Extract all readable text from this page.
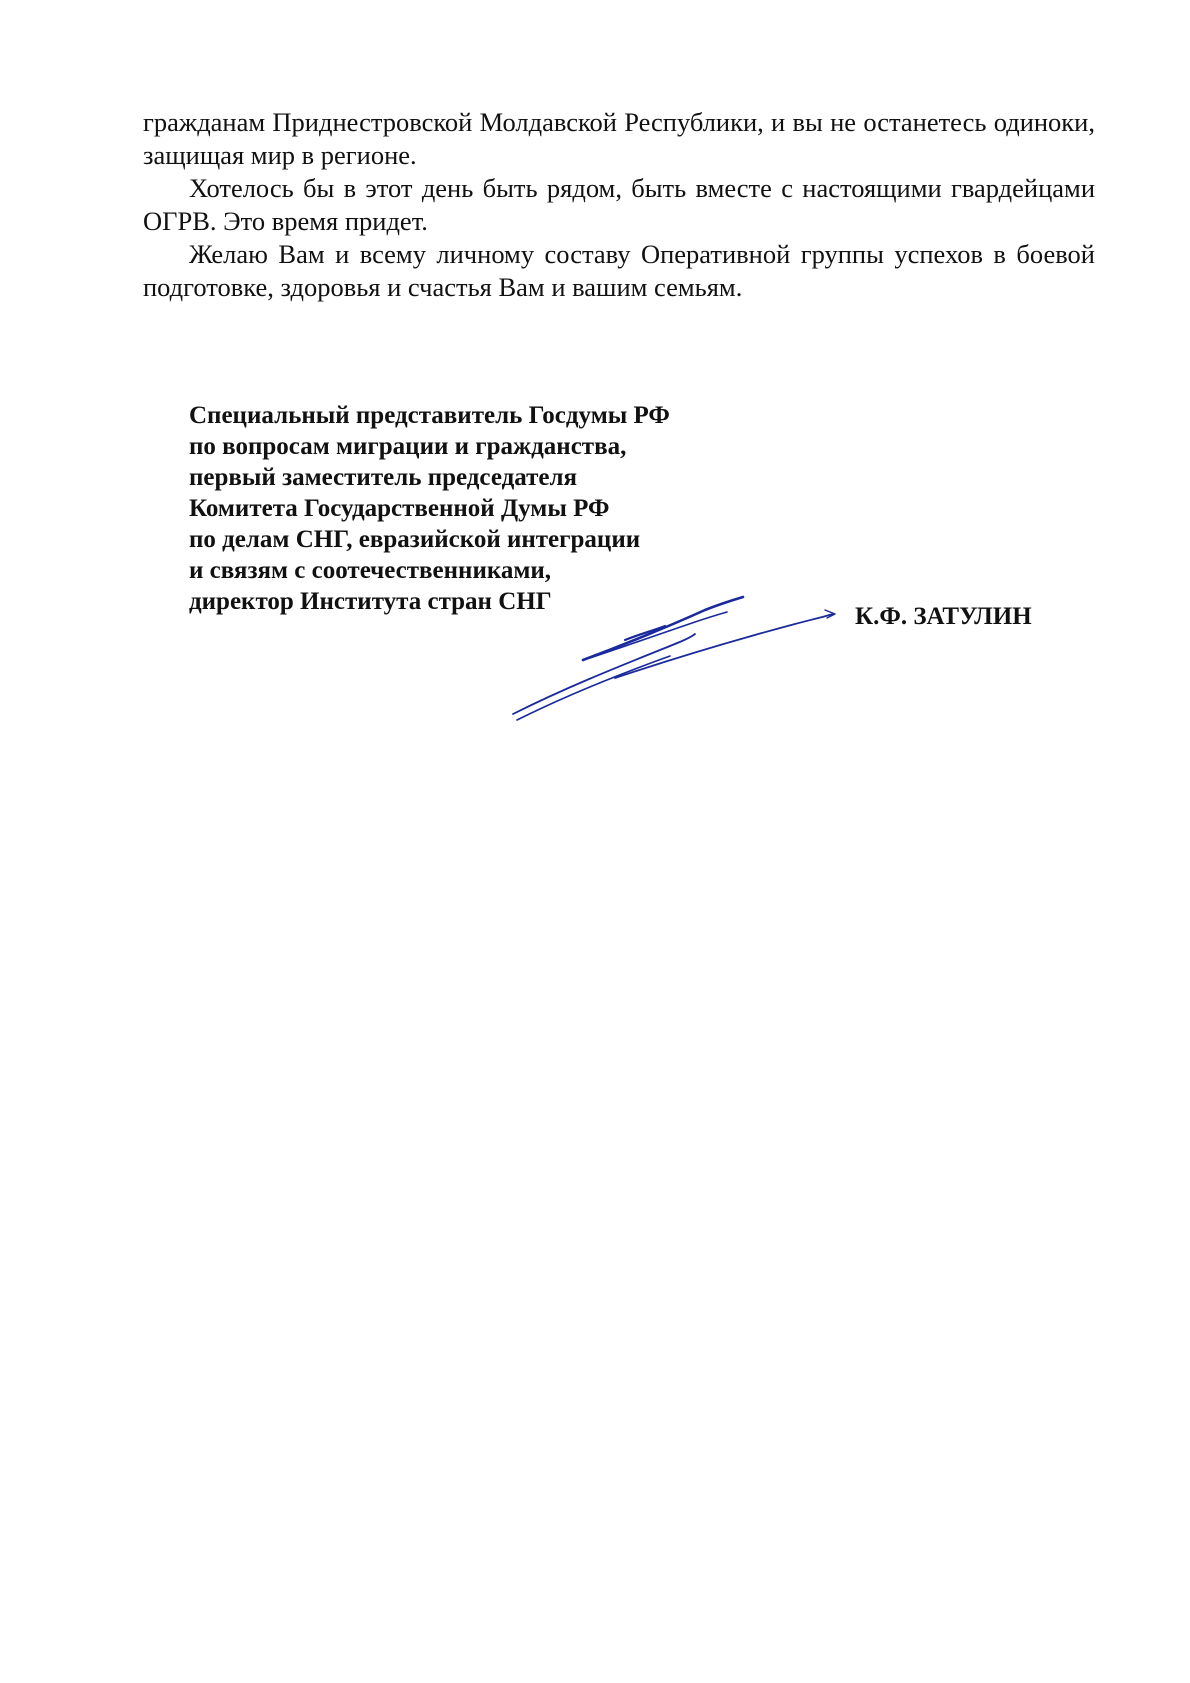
гражданам Приднестровской Молдавской Республики, и вы не останетесь одиноки, защищая мир в регионе.

Хотелось бы в этот день быть рядом, быть вместе с настоящими гвардейцами ОГРВ. Это время придет.

Желаю Вам и всему личному составу Оперативной группы успехов в боевой подготовке, здоровья и счастья Вам и вашим семьям.

Специальный представитель Госдумы РФ
по вопросам миграции и гражданства,
первый заместитель председателя
Комитета Государственной Думы РФ
по делам СНГ, евразийской интеграции
и связям с соотечественниками,
директор Института стран СНГ
К.Ф. ЗАТУЛИН
